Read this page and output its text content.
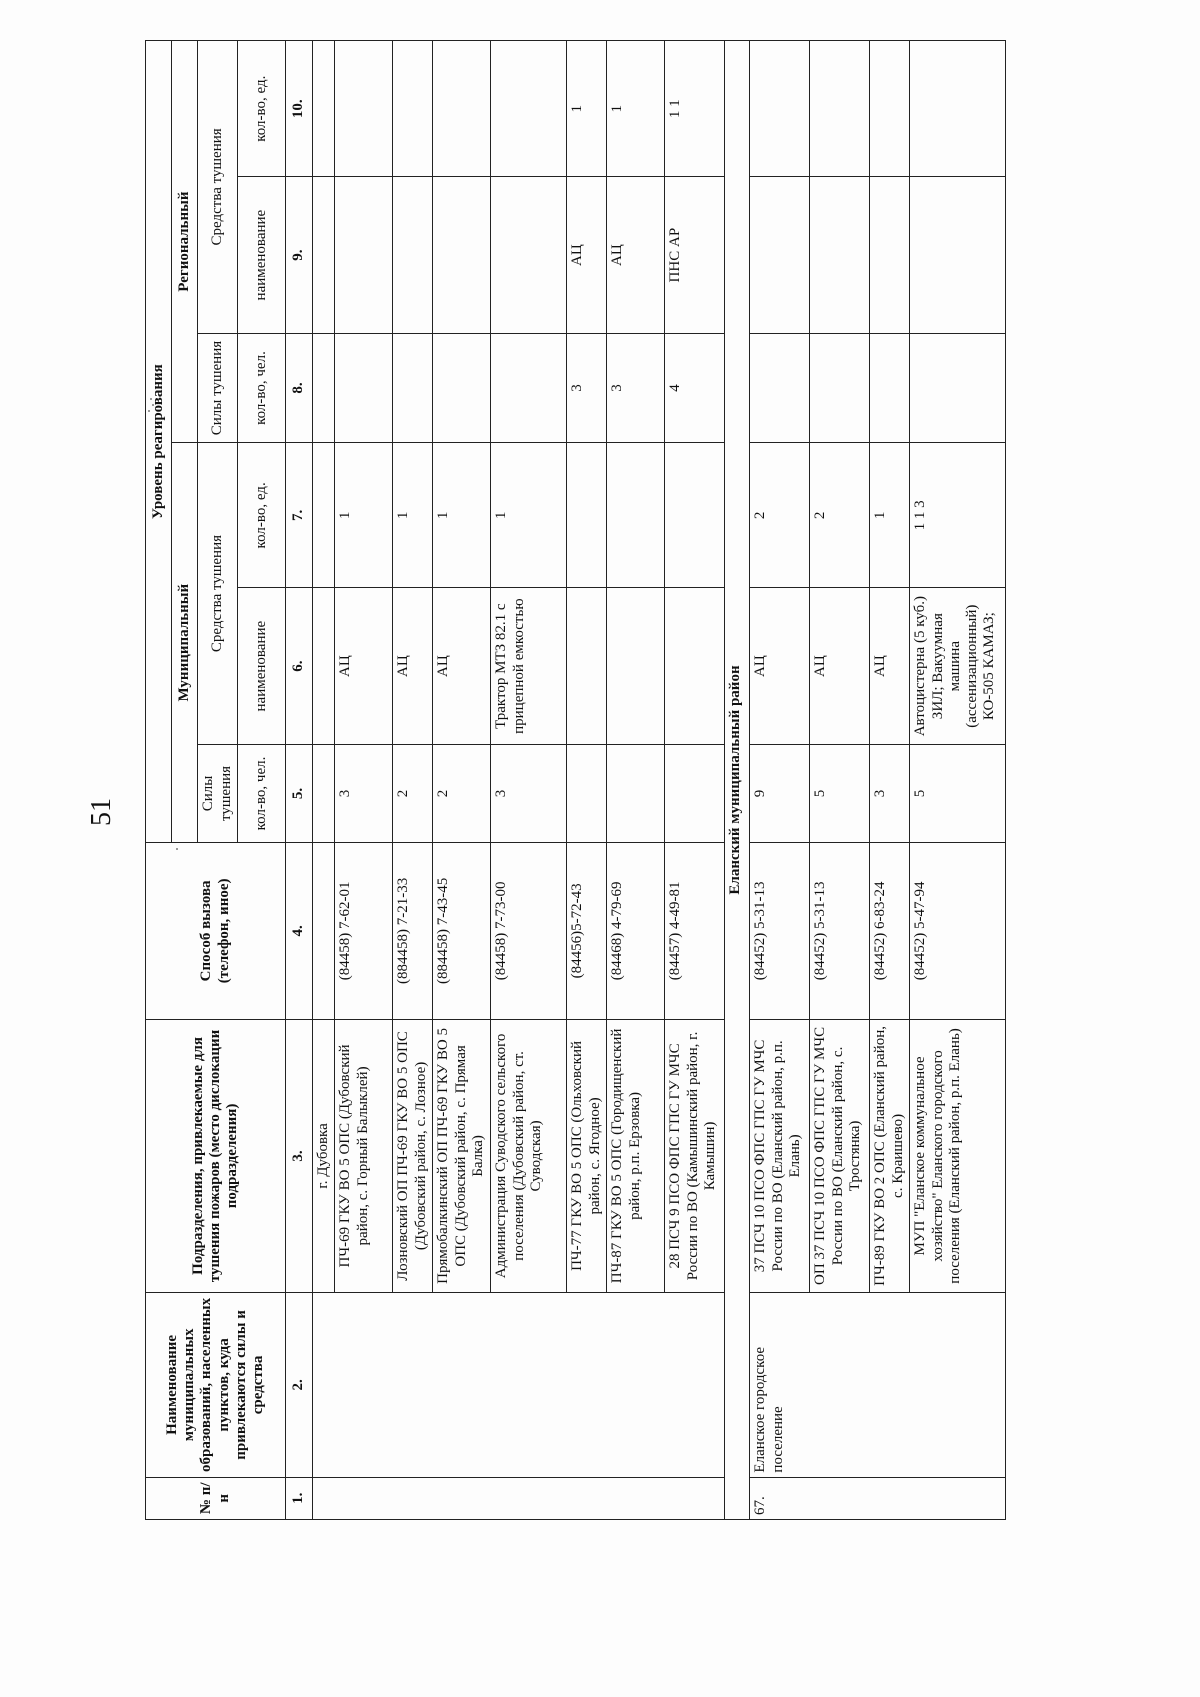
51
№ п/н	Наименование муниципальных образований, населенных пунктов, куда привлекаются силы и средства	Подразделения, привлекаемые для тушения пожаров (место дислокации подразделения)	Способ вызова (телефон, иное)	Уровень реагирования					
				Муниципальный			Региональный		
				Силы тушения	Средства тушения		Силы тушения	Средства тушения	
				кол-во, чел.	наименование	кол-во, ед.	кол-во, чел.	наименование	кол-во, ед.
1.	2.	3.	4.	5.	6.	7.	8.	9.	10.
		г. Дубовка							
		ПЧ-69 ГКУ ВО 5 ОПС (Дубовский район, с. Горный Балыклей)	(84458) 7-62-01	3	АЦ	1			
		Лозновский ОП ПЧ-69 ГКУ ВО 5 ОПС (Дубовский район, с. Лозное)	(884458) 7-21-33	2	АЦ	1			
		Прямобалкинский ОП ПЧ-69 ГКУ ВО 5 ОПС (Дубовский район, с. Прямая Балка)	(884458) 7-43-45	2	АЦ	1			
		Администрация Суводского сельского поселения (Дубовский район, ст. Суводская)	(84458) 7-73-00	3	Трактор МТЗ 82.1 с прицепной емкостью	1			
		ПЧ-77 ГКУ ВО 5 ОПС (Ольховский район, с. Ягодное)	(84456)5-72-43				3	АЦ	1
		ПЧ-87 ГКУ ВО 5 ОПС (Городищенский район, р.п. Ерзовка)	(84468) 4-79-69				3	АЦ	1
		28 ПСЧ 9 ПСО ФПС ГПС ГУ МЧС России по ВО (Камышинский район, г. Камышин)	(84457) 4-49-81				4	ПНС АР	1 1
Еланский муниципальный район									
67.	Еланское городское поселение	37 ПСЧ 10 ПСО ФПС ГПС ГУ МЧС России по ВО (Еланский район, р.п. Елань)	(84452) 5-31-13	9	АЦ	2			
		ОП 37 ПСЧ 10 ПСО ФПС ГПС ГУ МЧС России по ВО (Еланский район, с. Тростянка)	(84452) 5-31-13	5	АЦ	2			
		ПЧ-89 ГКУ ВО 2 ОПС (Еланский район, с. Краишево)	(84452) 6-83-24	3	АЦ	1			
		МУП "Еланское коммунальное хозяйство" Еланского городского поселения (Еланский район, р.п. Елань)	(84452) 5-47-94	5	Автоцистерна (5 куб.) ЗИЛ; Вакуумная машина (ассенизационный) КО-505 КАМАЗ;	1 1 3			
